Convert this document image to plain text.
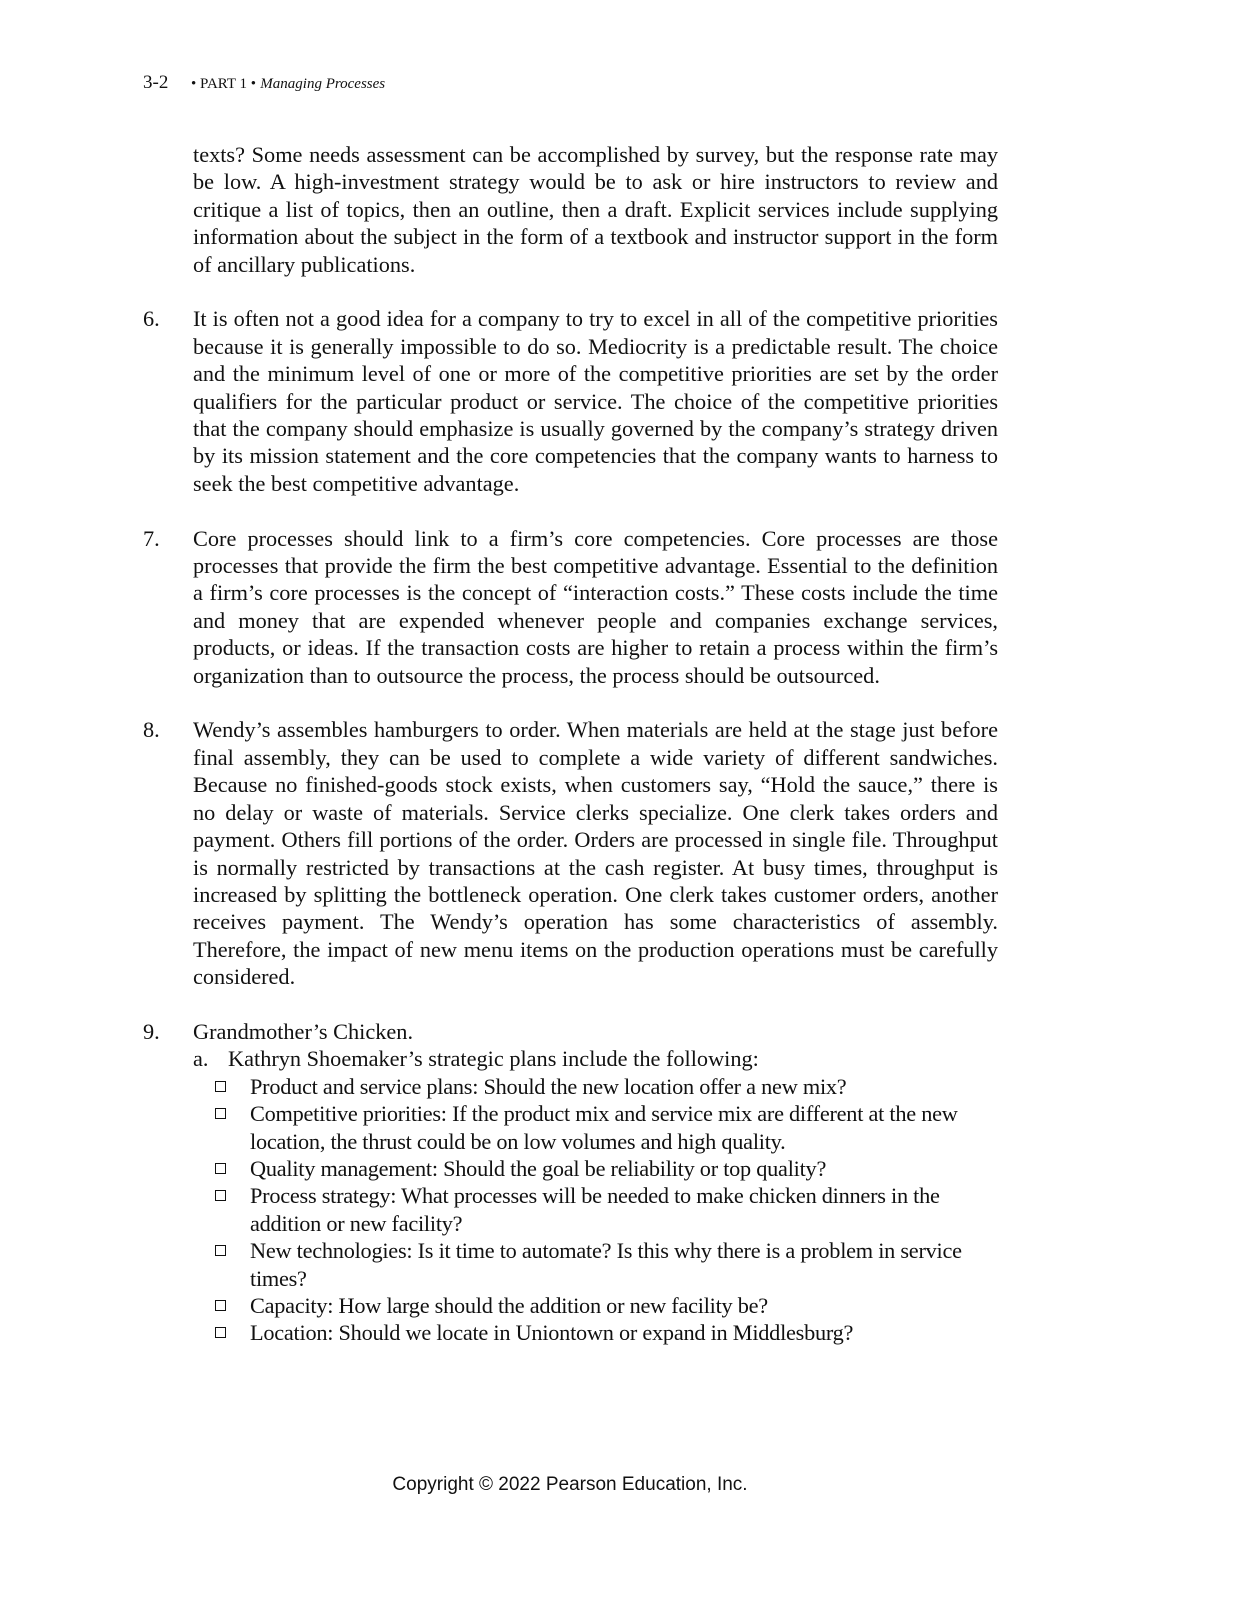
3-2 • PART 1 • Managing Processes

texts? Some needs assessment can be accomplished by survey, but the response rate may be low. A high-investment strategy would be to ask or hire instructors to review and critique a list of topics, then an outline, then a draft. Explicit services include supplying information about the subject in the form of a textbook and instructor support in the form of ancillary publications.

6. It is often not a good idea for a company to try to excel in all of the competitive priorities because it is generally impossible to do so. Mediocrity is a predictable result. The choice and the minimum level of one or more of the competitive priorities are set by the order qualifiers for the particular product or service. The choice of the competitive priorities that the company should emphasize is usually governed by the company’s strategy driven by its mission statement and the core competencies that the company wants to harness to seek the best competitive advantage.

7. Core processes should link to a firm’s core competencies. Core processes are those processes that provide the firm the best competitive advantage. Essential to the definition a firm’s core processes is the concept of “interaction costs.” These costs include the time and money that are expended whenever people and companies exchange services, products, or ideas. If the transaction costs are higher to retain a process within the firm’s organization than to outsource the process, the process should be outsourced.

8. Wendy’s assembles hamburgers to order. When materials are held at the stage just before final assembly, they can be used to complete a wide variety of different sandwiches. Because no finished-goods stock exists, when customers say, “Hold the sauce,” there is no delay or waste of materials. Service clerks specialize. One clerk takes orders and payment. Others fill portions of the order. Orders are processed in single file. Throughput is normally restricted by transactions at the cash register. At busy times, throughput is increased by splitting the bottleneck operation. One clerk takes customer orders, another receives payment. The Wendy’s operation has some characteristics of assembly. Therefore, the impact of new menu items on the production operations must be carefully considered.

9. Grandmother’s Chicken.
a. Kathryn Shoemaker’s strategic plans include the following:
Product and service plans: Should the new location offer a new mix?
Competitive priorities: If the product mix and service mix are different at the new location, the thrust could be on low volumes and high quality.
Quality management: Should the goal be reliability or top quality?
Process strategy: What processes will be needed to make chicken dinners in the addition or new facility?
New technologies: Is it time to automate? Is this why there is a problem in service times?
Capacity: How large should the addition or new facility be?
Location: Should we locate in Uniontown or expand in Middlesburg?
Copyright © 2022 Pearson Education, Inc.
